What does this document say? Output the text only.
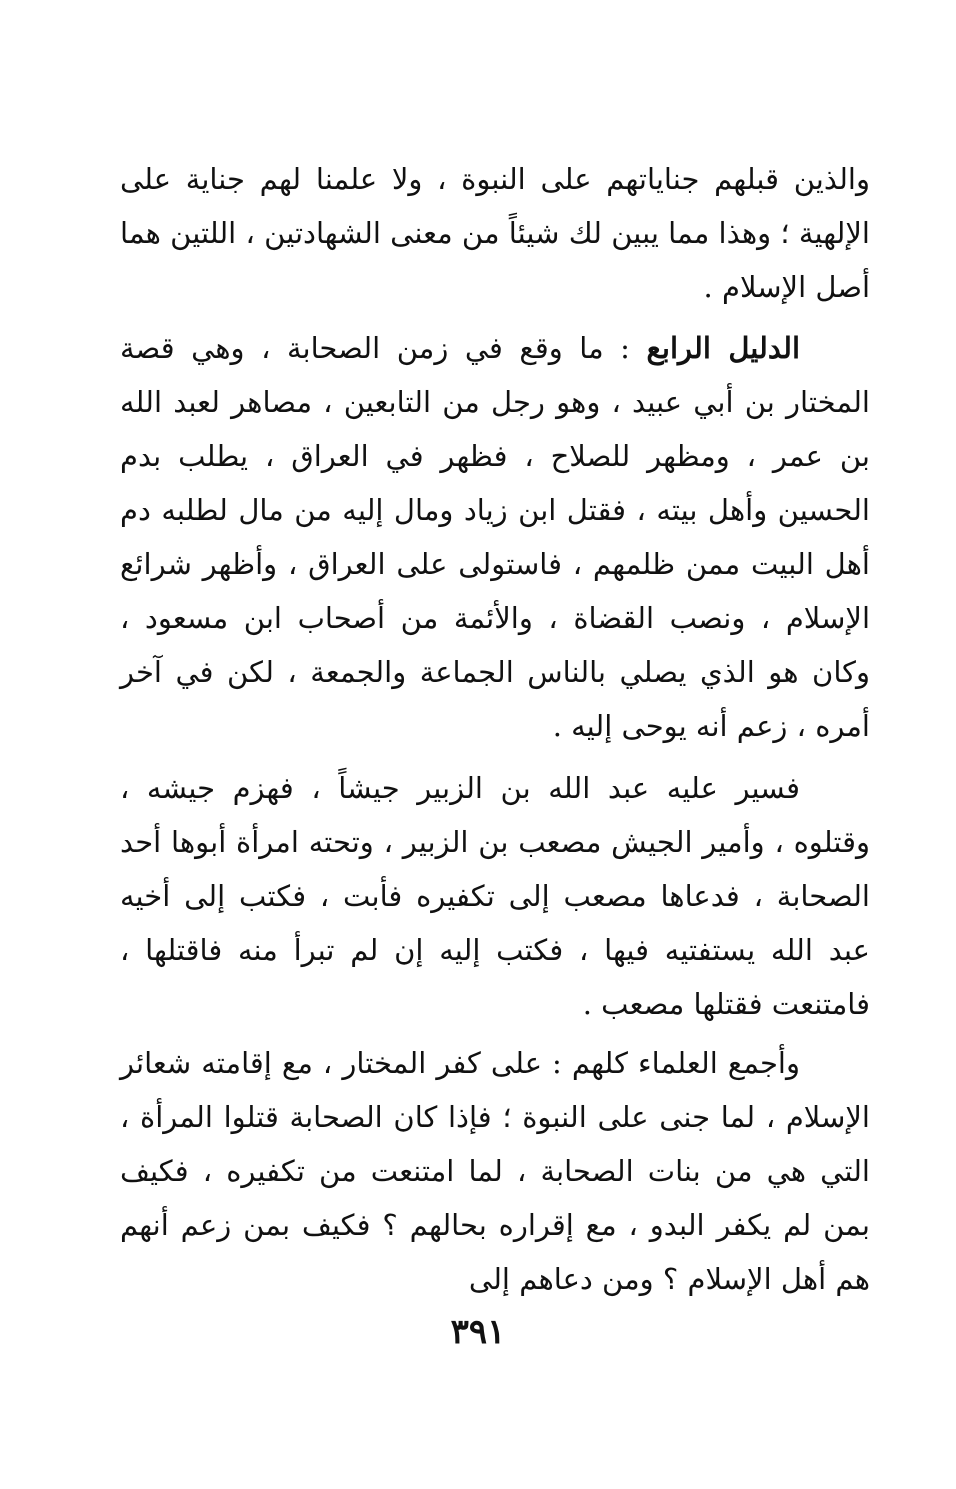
والذين قبلهم جناياتهم على النبوة ، ولا علمنا لهم جناية على الإلهية ؛ وهذا مما يبين لك شيئاً من معنى الشهادتين ، اللتين هما أصل الإسلام .

الدليل الرابع : ما وقع في زمن الصحابة ، وهي قصة المختار بن أبي عبيد ، وهو رجل من التابعين ، مصاهر لعبد الله بن عمر ، ومظهر للصلاح ، فظهر في العراق ، يطلب بدم الحسين وأهل بيته ، فقتل ابن زياد ومال إليه من مال لطلبه دم أهل البيت ممن ظلمهم ، فاستولى على العراق ، وأظهر شرائع الإسلام ، ونصب القضاة ، والأئمة من أصحاب ابن مسعود ، وكان هو الذي يصلي بالناس الجماعة والجمعة ، لكن في آخر أمره ، زعم أنه يوحى إليه .

فسير عليه عبد الله بن الزبير جيشاً ، فهزم جيشه ، وقتلوه ، وأمير الجيش مصعب بن الزبير ، وتحته امرأة أبوها أحد الصحابة ، فدعاها مصعب إلى تكفيره فأبت ، فكتب إلى أخيه عبد الله يستفتيه فيها ، فكتب إليه إن لم تبرأ منه فاقتلها ، فامتنعت فقتلها مصعب .

وأجمع العلماء كلهم : على كفر المختار ، مع إقامته شعائر الإسلام ، لما جنى على النبوة ؛ فإذا كان الصحابة قتلوا المرأة ، التي هي من بنات الصحابة ، لما امتنعت من تكفيره ، فكيف بمن لم يكفر البدو ، مع إقراره بحالهم ؟ فكيف بمن زعم أنهم هم أهل الإسلام ؟ ومن دعاهم إلى

٣٩١
